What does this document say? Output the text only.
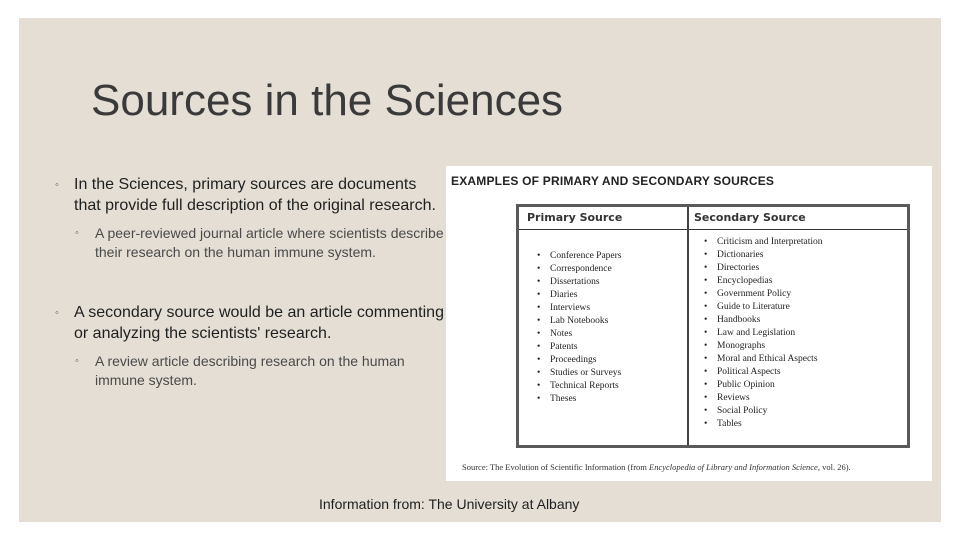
Sources in the Sciences
◦ In the Sciences, primary sources are documents that provide full description of the original research.
◦ A peer-reviewed journal article where scientists describe their research on the human immune system.
◦ A secondary source would be an article commenting or analyzing the scientists' research.
◦ A review article describing research on the human immune system.
EXAMPLES OF PRIMARY AND SECONDARY SOURCES
Primary Source	Secondary Source
• Conference Papers
• Correspondence
• Dissertations
• Diaries
• Interviews
• Lab Notebooks
• Notes
• Patents
• Proceedings
• Studies or Surveys
• Technical Reports
• Theses
• Criticism and Interpretation
• Dictionaries
• Directories
• Encyclopedias
• Government Policy
• Guide to Literature
• Handbooks
• Law and Legislation
• Monographs
• Moral and Ethical Aspects
• Political Aspects
• Public Opinion
• Reviews
• Social Policy
• Tables
Source: The Evolution of Scientific Information (from Encyclopedia of Library and Information Science, vol. 26).
Information from: The University at Albany
